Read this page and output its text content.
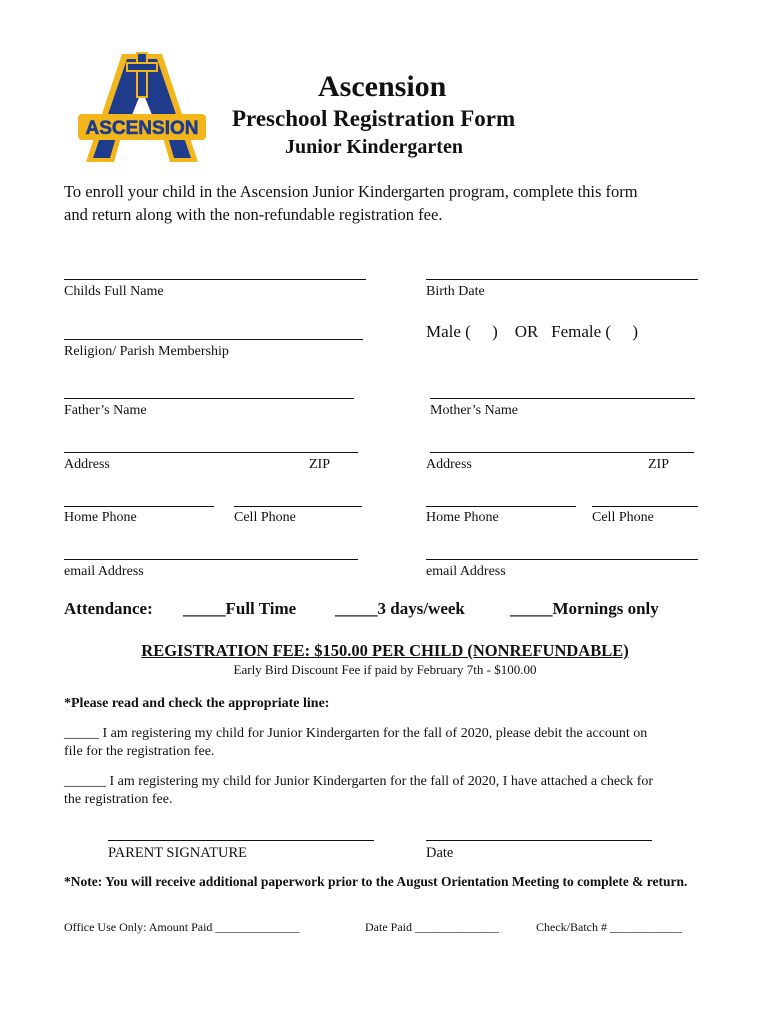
ASCENSION
Ascension
Preschool Registration Form
Junior Kindergarten
To enroll your child in the Ascension Junior Kindergarten program, complete this form
and return along with the non-refundable registration fee.
Childs Full Name	Birth Date
Religion/ Parish Membership
Male (     )    OR   Female (     )
Father’s Name	Mother’s Name
Address	ZIP	Address	ZIP
Home Phone	Cell Phone	Home Phone	Cell Phone
email Address	email Address
Attendance: _____Full Time _____3 days/week	_____Mornings only
REGISTRATION FEE: $150.00 PER CHILD (NONREFUNDABLE)
Early Bird Discount Fee if paid by February 7th - $100.00
*Please read and check the appropriate line:
_____ I am registering my child for Junior Kindergarten for the fall of 2020, please debit the account on
file for the registration fee.
______ I am registering my child for Junior Kindergarten for the fall of 2020, I have attached a check for
the registration fee.
PARENT SIGNATURE	Date
*Note: You will receive additional paperwork prior to the August Orientation Meeting to complete & return.
Office Use Only: Amount Paid ______________	Date Paid ______________	Check/Batch # ____________
